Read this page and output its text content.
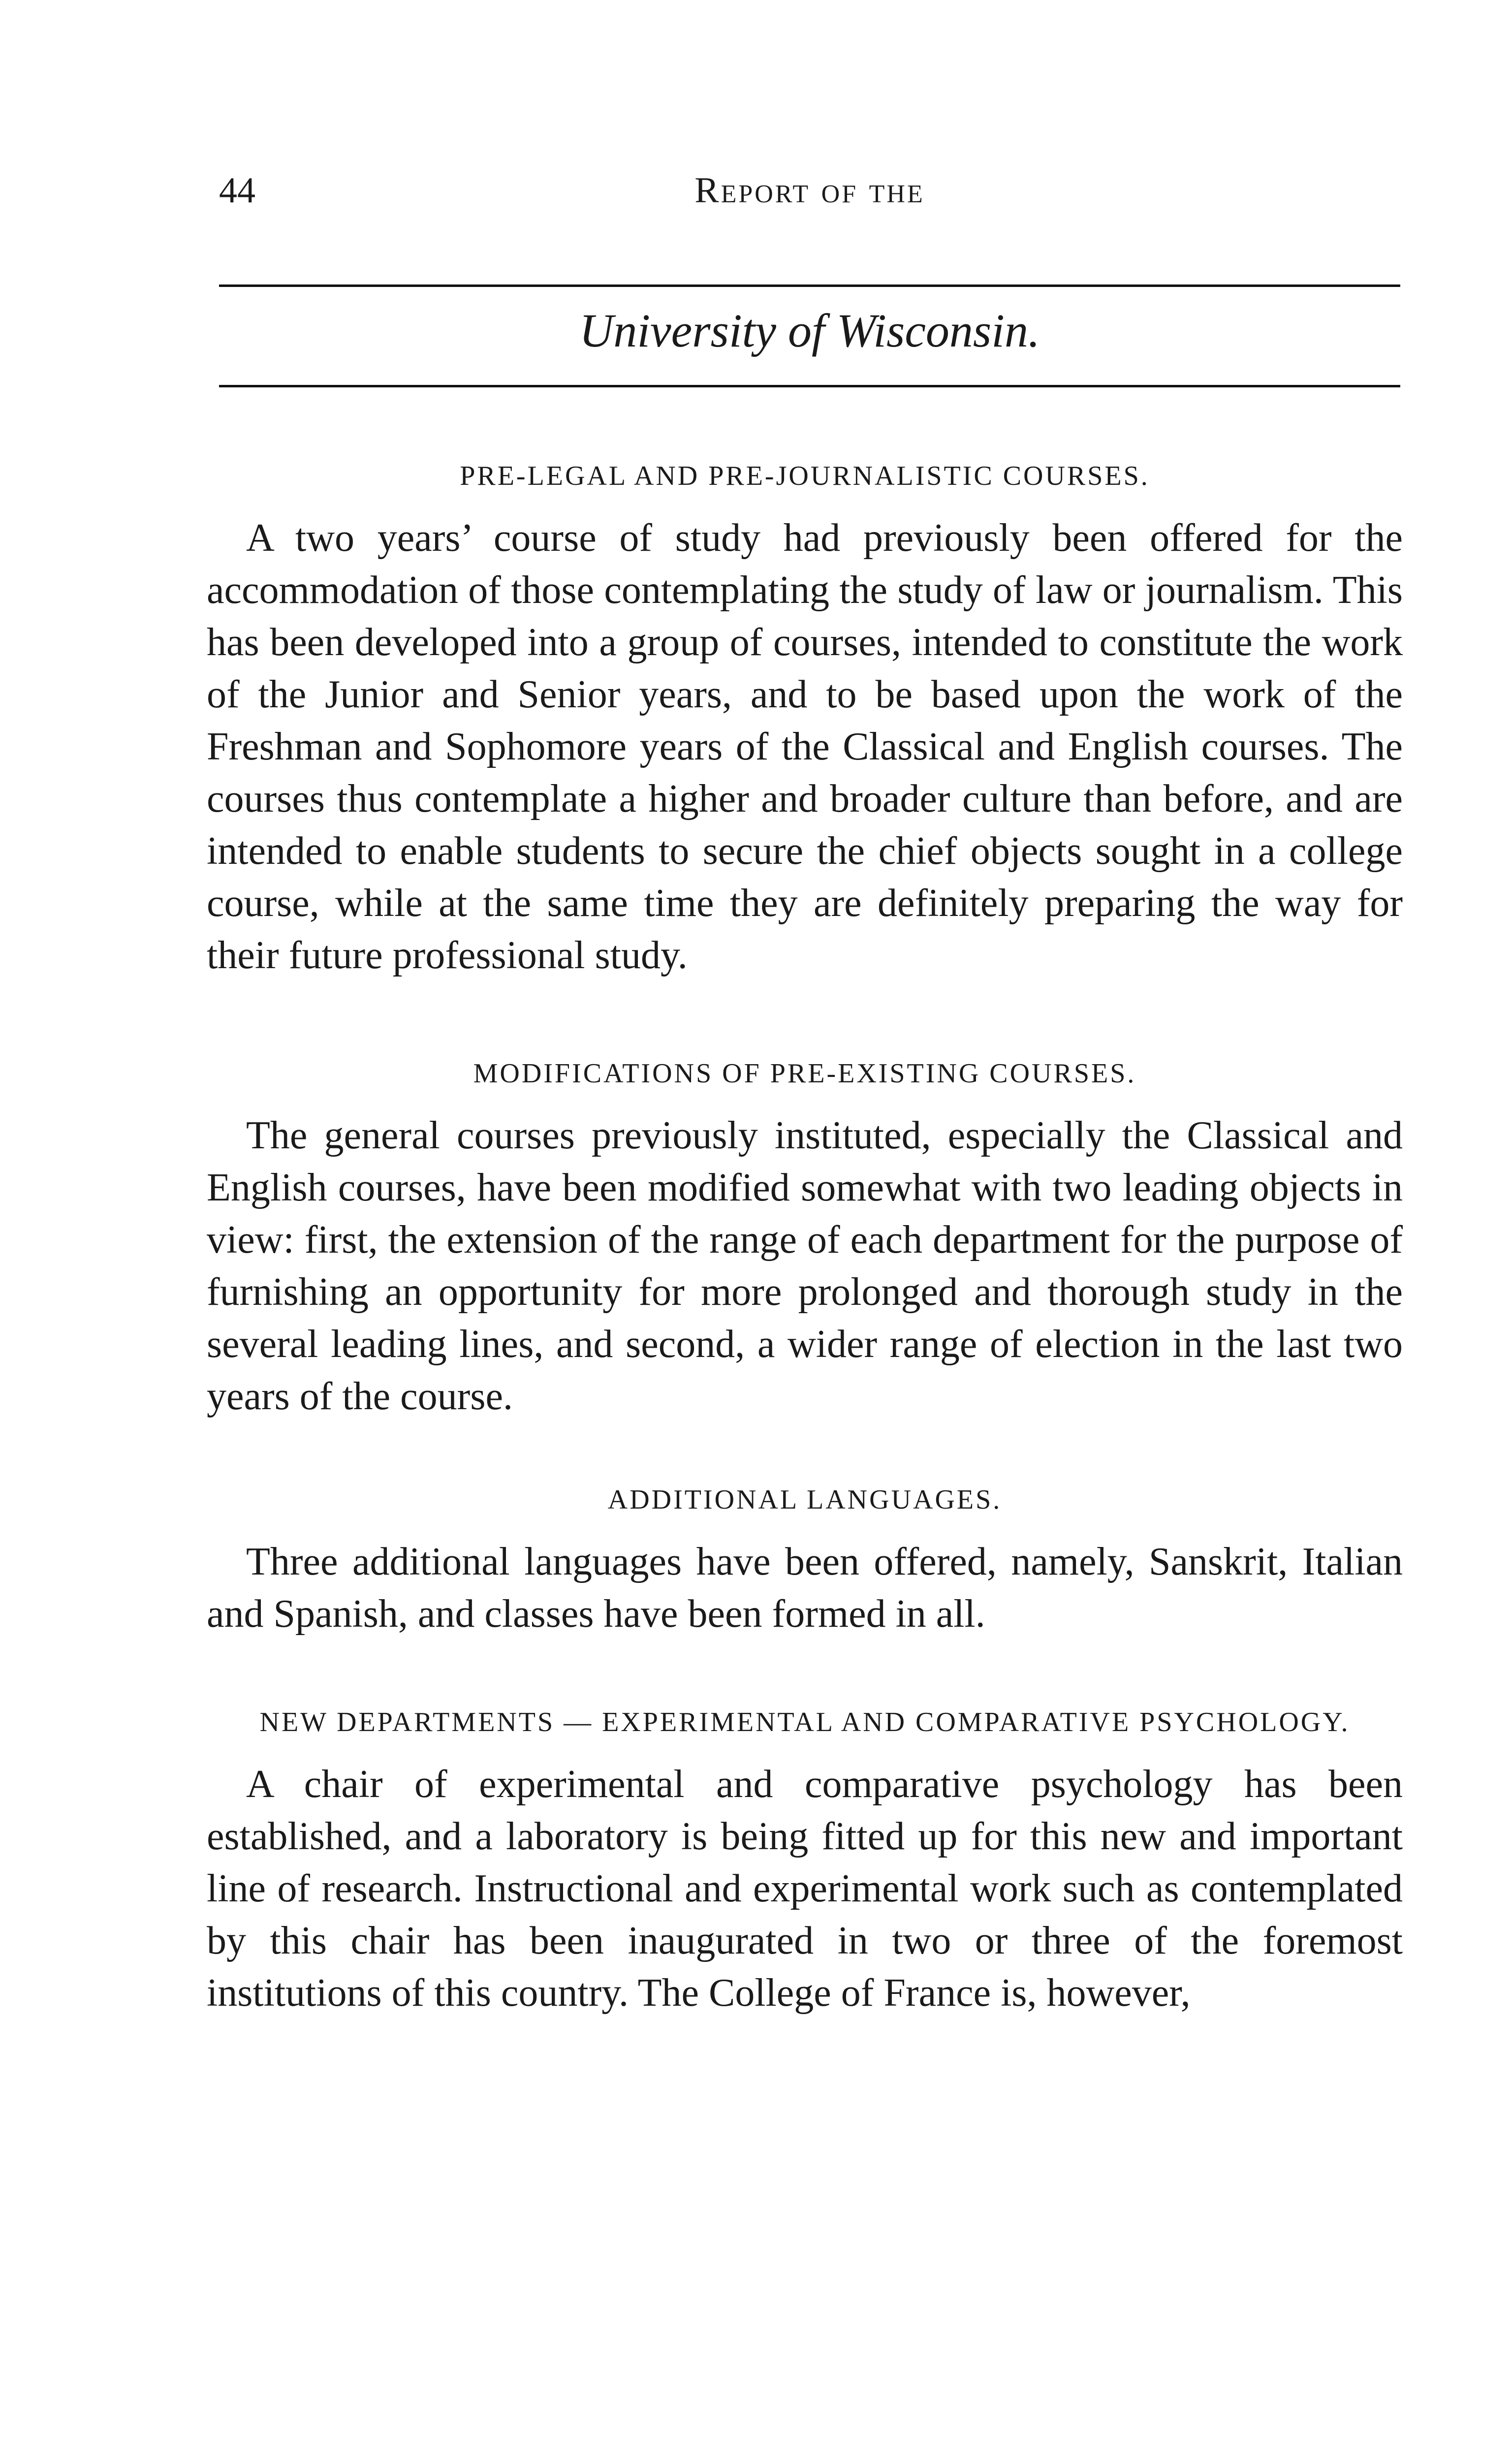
44	Report of the
University of Wisconsin.
PRE-LEGAL AND PRE-JOURNALISTIC COURSES.

A two years’ course of study had previously been offered for the accommodation of those contemplating the study of law or journalism. This has been developed into a group of courses, intended to constitute the work of the Junior and Senior years, and to be based upon the work of the Freshman and Sophomore years of the Classical and English courses. The courses thus contemplate a higher and broader culture than before, and are intended to enable students to secure the chief objects sought in a college course, while at the same time they are definitely preparing the way for their future professional study.

MODIFICATIONS OF PRE-EXISTING COURSES.

The general courses previously instituted, especially the Classical and English courses, have been modified somewhat with two leading objects in view: first, the extension of the range of each department for the purpose of furnishing an opportunity for more prolonged and thorough study in the several leading lines, and second, a wider range of election in the last two years of the course.

ADDITIONAL LANGUAGES.

Three additional languages have been offered, namely, Sanskrit, Italian and Spanish, and classes have been formed in all.

NEW DEPARTMENTS — EXPERIMENTAL AND COMPARATIVE PSYCHOLOGY.

A chair of experimental and comparative psychology has been established, and a laboratory is being fitted up for this new and important line of research. Instructional and experimental work such as contemplated by this chair has been inaugurated in two or three of the foremost institutions of this country. The College of France is, however,
